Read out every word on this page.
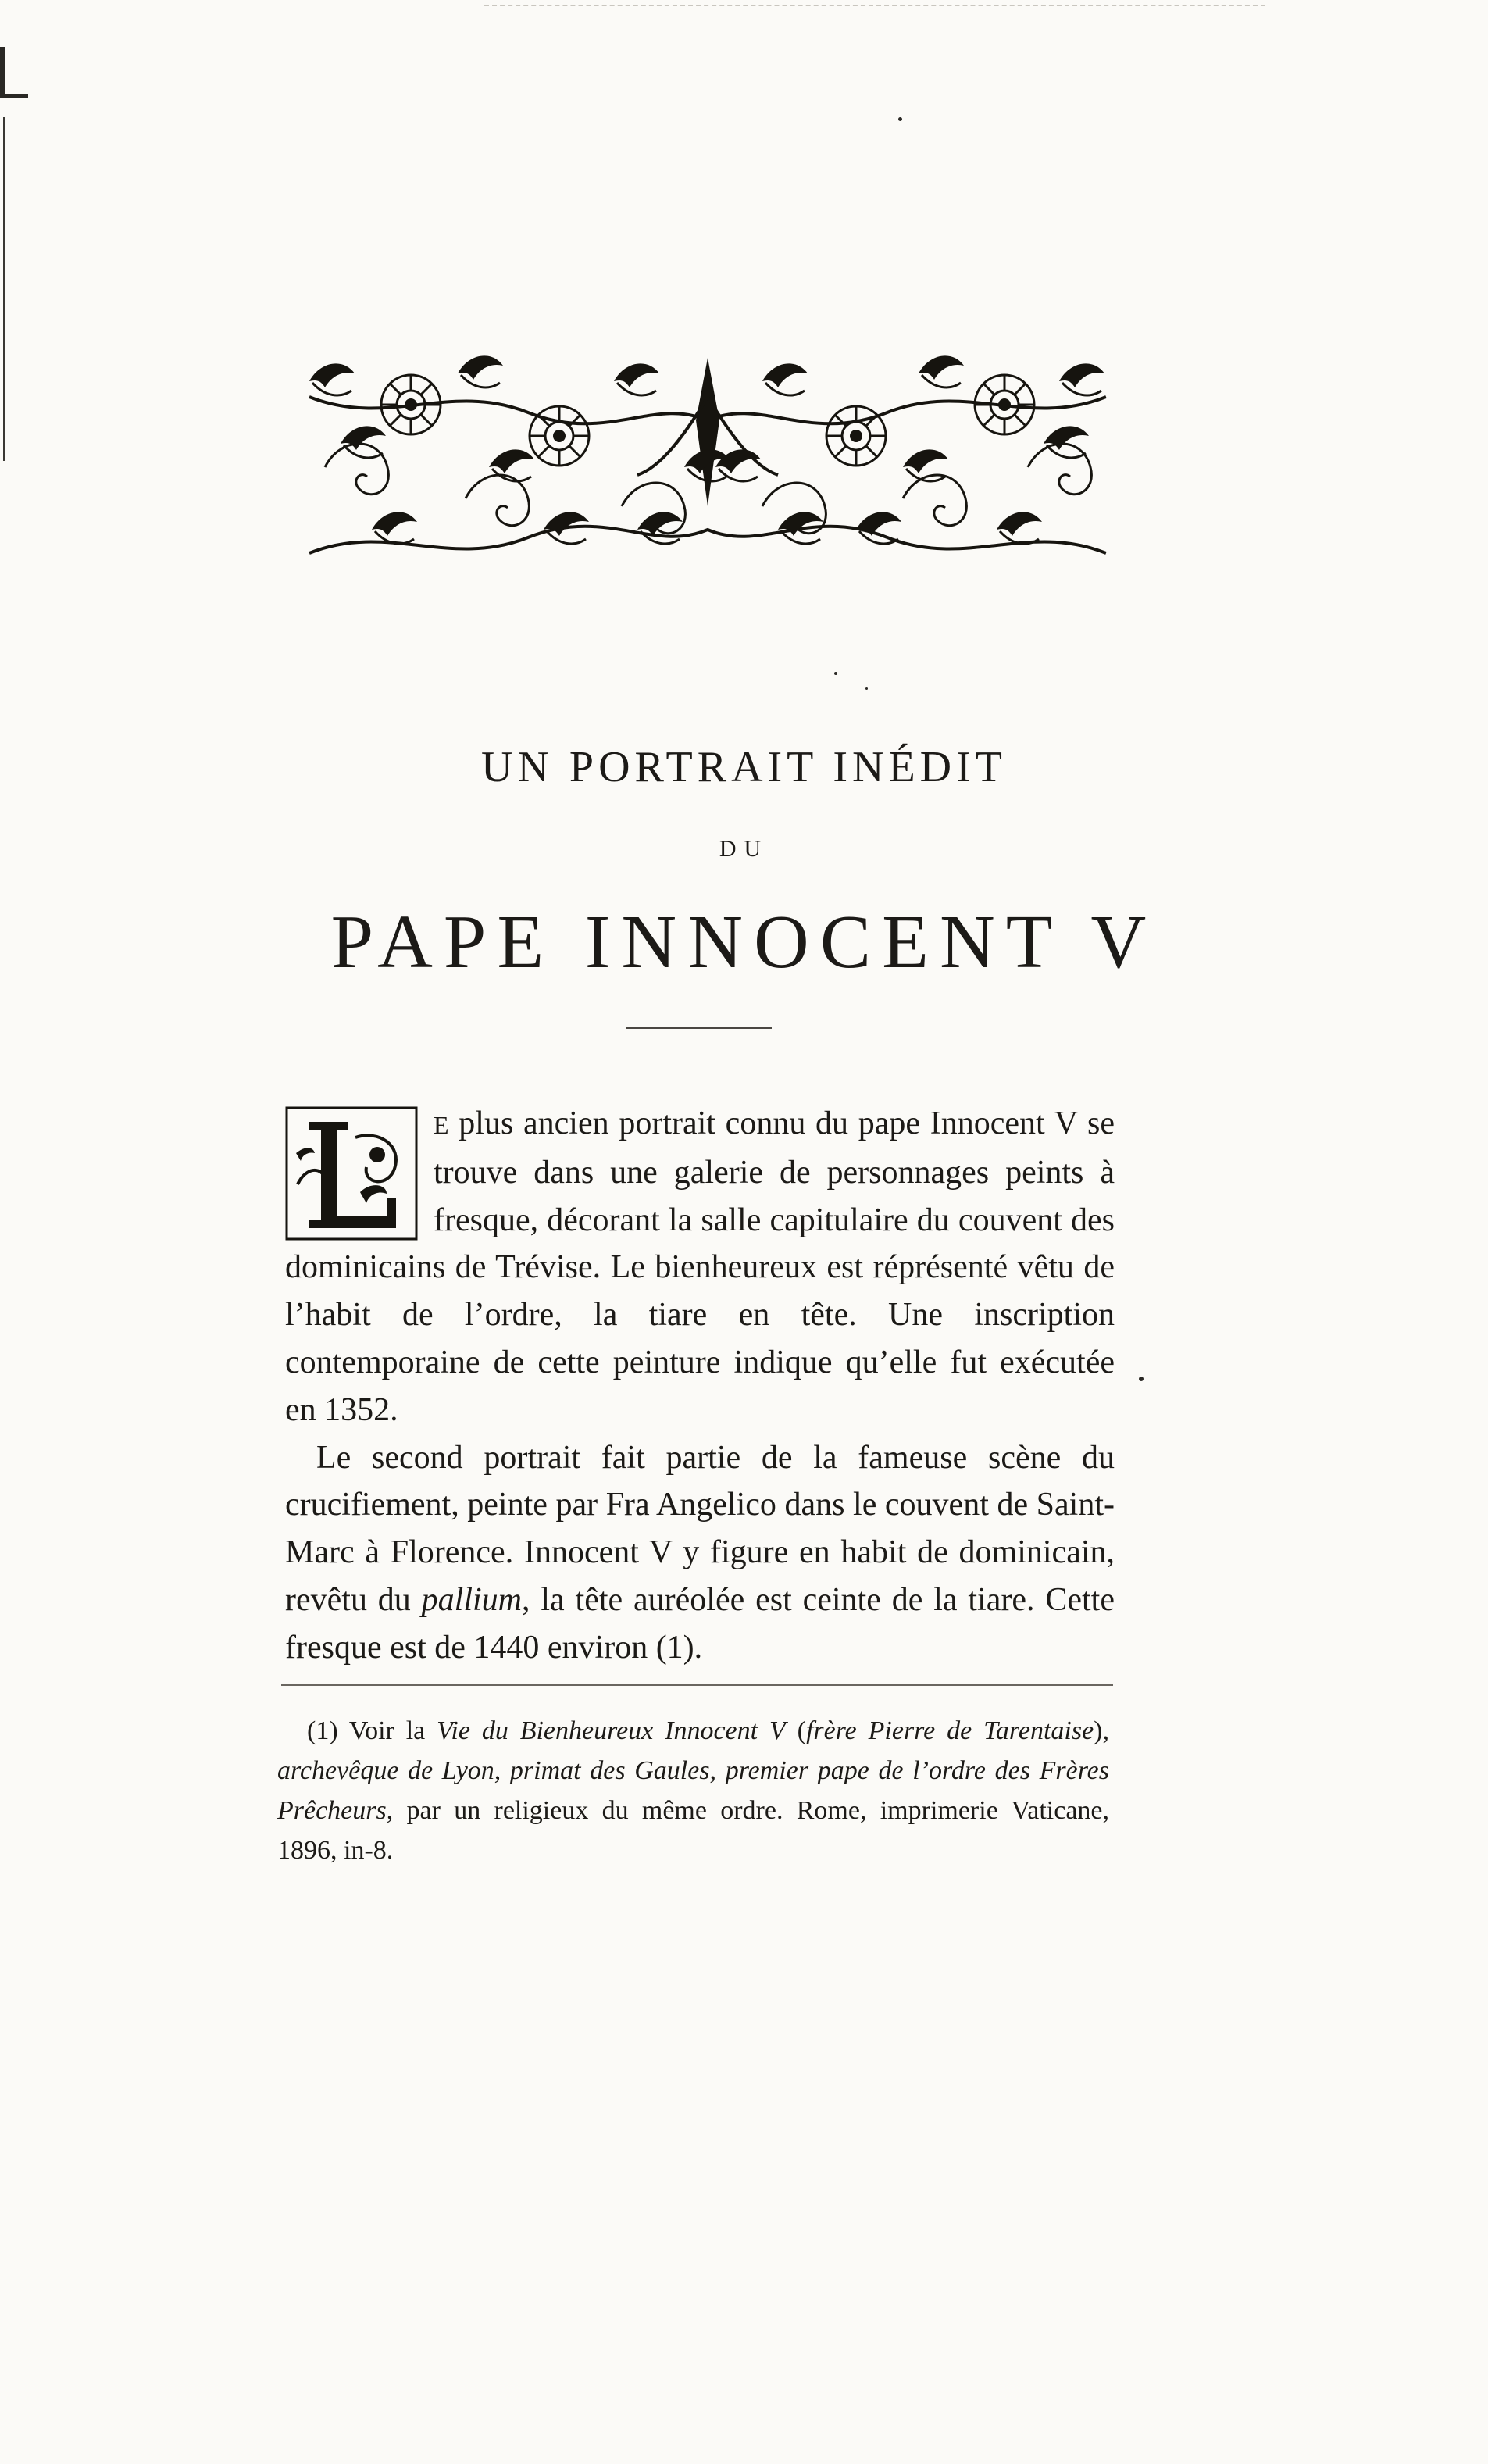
UN PORTRAIT INÉDIT
DU
PAPE INNOCENT V

E plus ancien portrait connu du pape Innocent V se trouve dans une galerie de personnages peints à fresque, décorant la salle capitulaire du couvent des dominicains de Trévise. Le bienheureux est réprésenté vêtu de l’habit de l’ordre, la tiare en tête. Une inscription contemporaine de cette peinture indique qu’elle fut exécutée en 1352.

Le second portrait fait partie de la fameuse scène du crucifiement, peinte par Fra Angelico dans le couvent de Saint-Marc à Florence. Innocent V y figure en habit de dominicain, revêtu du pallium, la tête auréolée est ceinte de la tiare. Cette fresque est de 1440 environ (1).

(1) Voir la Vie du Bienheureux Innocent V (frère Pierre de Tarentaise), archevêque de Lyon, primat des Gaules, premier pape de l’ordre des Frères Prêcheurs, par un religieux du même ordre. Rome, imprimerie Vaticane, 1896, in-8.
